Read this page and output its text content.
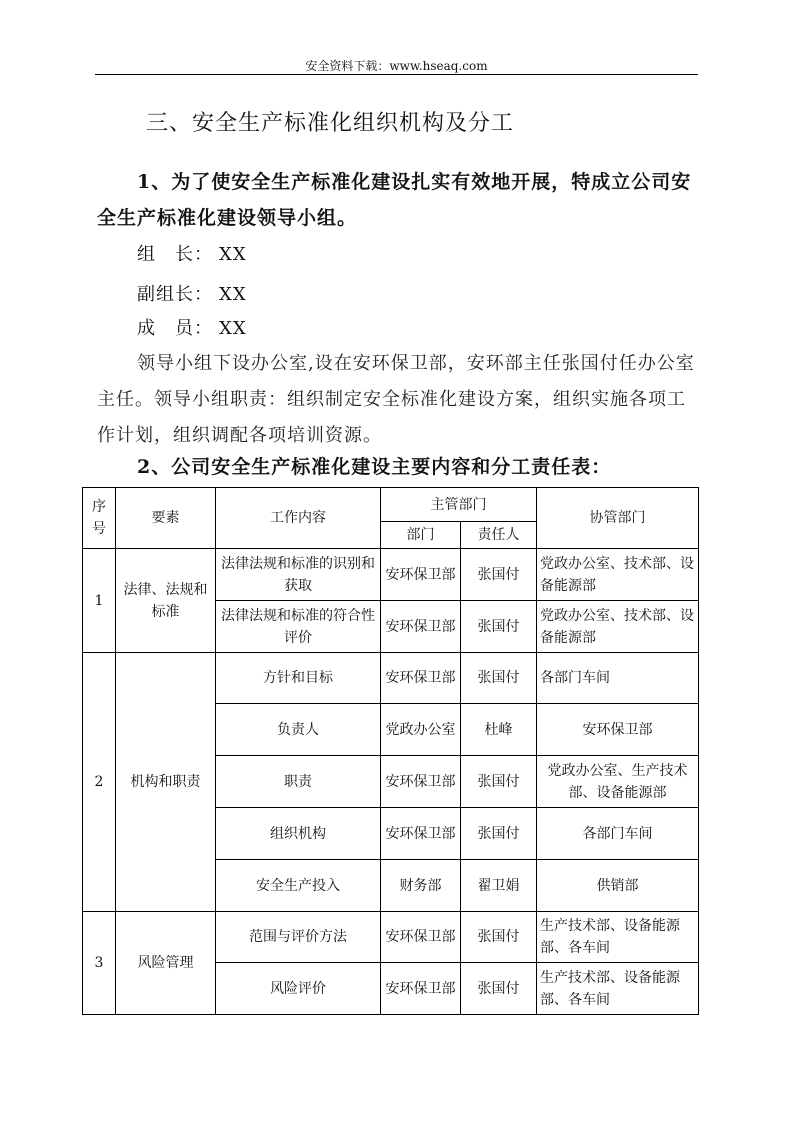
安全资料下载：www.hseaq.com
三、安全生产标准化组织机构及分工
1、为了使安全生产标准化建设扎实有效地开展，特成立公司安全生产标准化建设领导小组。
组　长： XX
副组长： XX
成　员： XX
领导小组下设办公室,设在安环保卫部，安环部主任张国付任办公室主任。领导小组职责：组织制定安全标准化建设方案，组织实施各项工作计划，组织调配各项培训资源。
2、公司安全生产标准化建设主要内容和分工责任表：
序号	要素	工作内容	主管部门		协管部门
			部门	责任人	
1	法律、法规和标准	法律法规和标准的识别和获取	安环保卫部	张国付	党政办公室、技术部、设备能源部
		法律法规和标准的符合性评价	安环保卫部	张国付	党政办公室、技术部、设备能源部
2	机构和职责	方针和目标	安环保卫部	张国付	各部门车间
		负责人	党政办公室	杜峰	安环保卫部
		职责	安环保卫部	张国付	党政办公室、生产技术部、设备能源部
		组织机构	安环保卫部	张国付	各部门车间
		安全生产投入	财务部	翟卫娟	供销部
3	风险管理	范围与评价方法	安环保卫部	张国付	生产技术部、设备能源部、各车间
		风险评价	安环保卫部	张国付	生产技术部、设备能源部、各车间
